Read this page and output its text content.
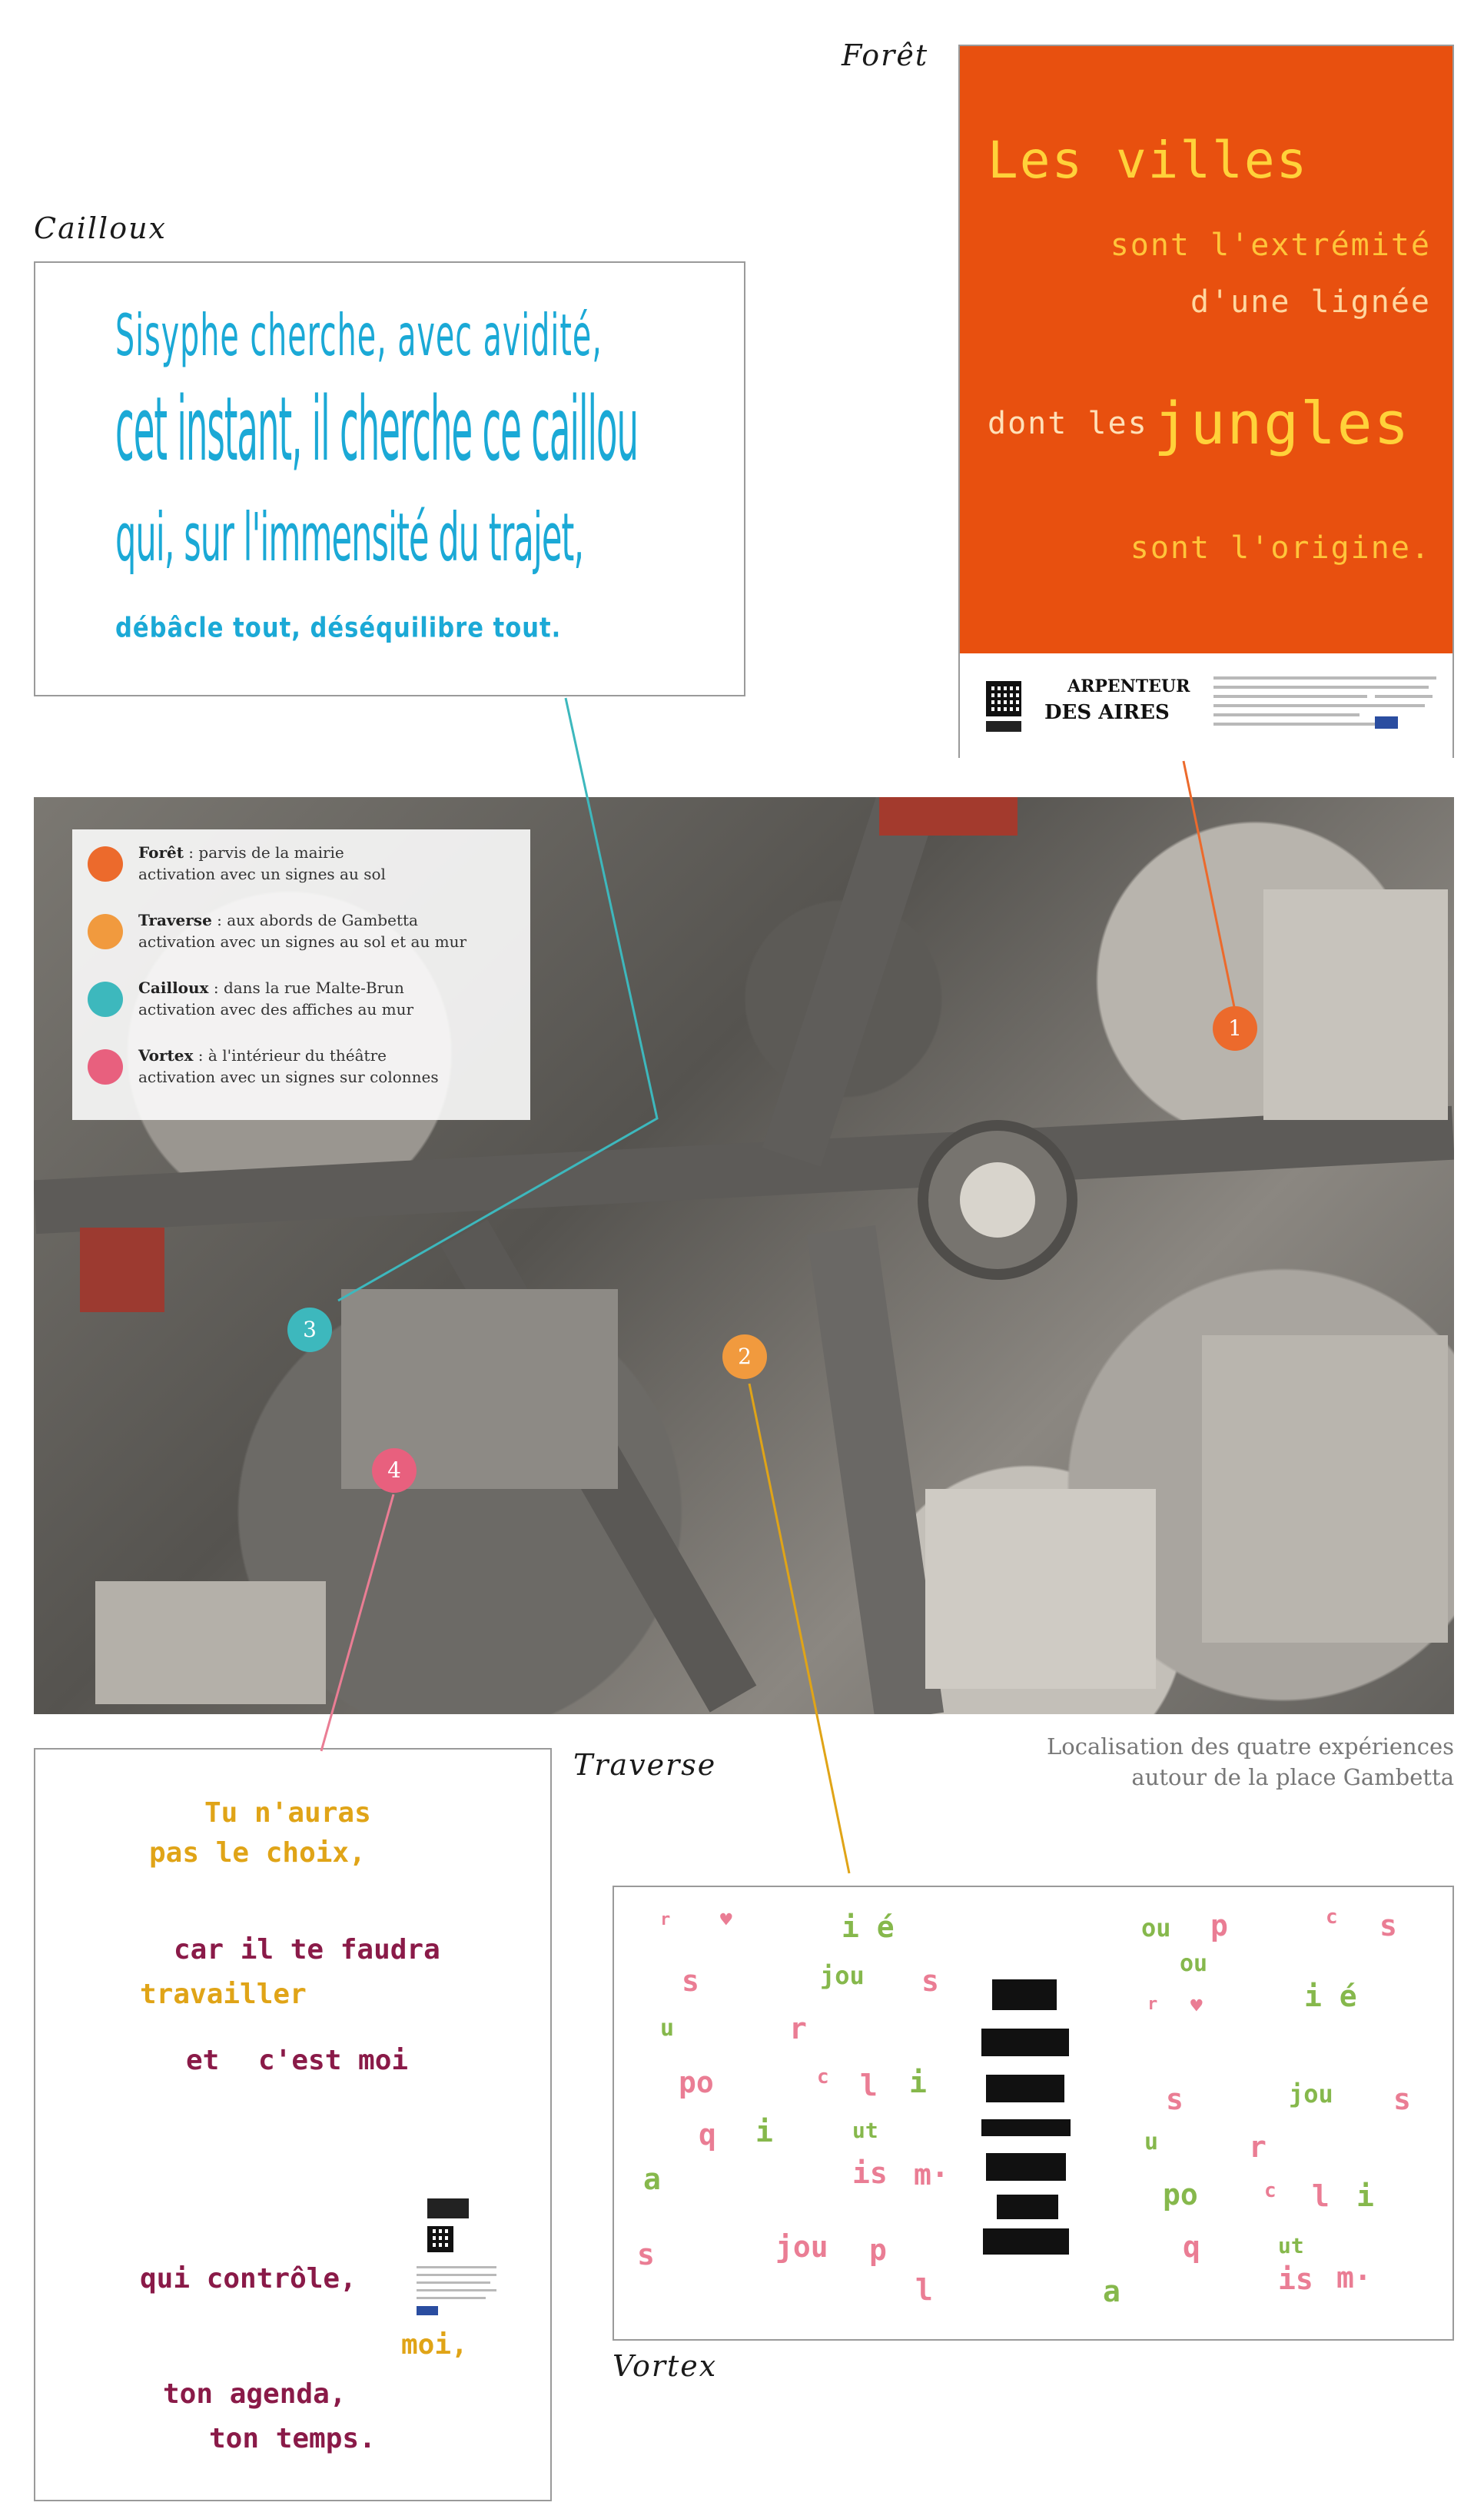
Forêt
Cailloux
Traverse
Vortex
Les villes
sont l'extrémité
d'une lignée
dont les jungles
sont l'origine.
ARPENTEUR
DES AIRES
Sisyphe cherche, avec avidité,
cet instant, il cherche ce caillou
qui, sur l'immensité du trajet,
débâcle tout, déséquilibre tout.
Forêt : parvis de la mairie
activation avec un signes au sol
Traverse : aux abords de Gambetta
activation avec un signes au sol et au mur
Cailloux : dans la rue Malte-Brun
activation avec des affiches au mur
Vortex : à l'intérieur du théâtre
activation avec un signes sur colonnes
1
2
3
4
Localisation des quatre expériences
autour de la place Gambetta
Tu n'auras
pas le choix,
car il te faudra
travailler
et c'est moi
qui contrôle,
moi,
ton agenda,
ton temps.
r ♥	i é
s	jou s
u	r
po	c l i
q i	ut
a	is m·
s	jou p
l
ou p	c s
ou
r ♥	i é
s	jou s
u	r
po	c l i
q	ut
is m·
a
